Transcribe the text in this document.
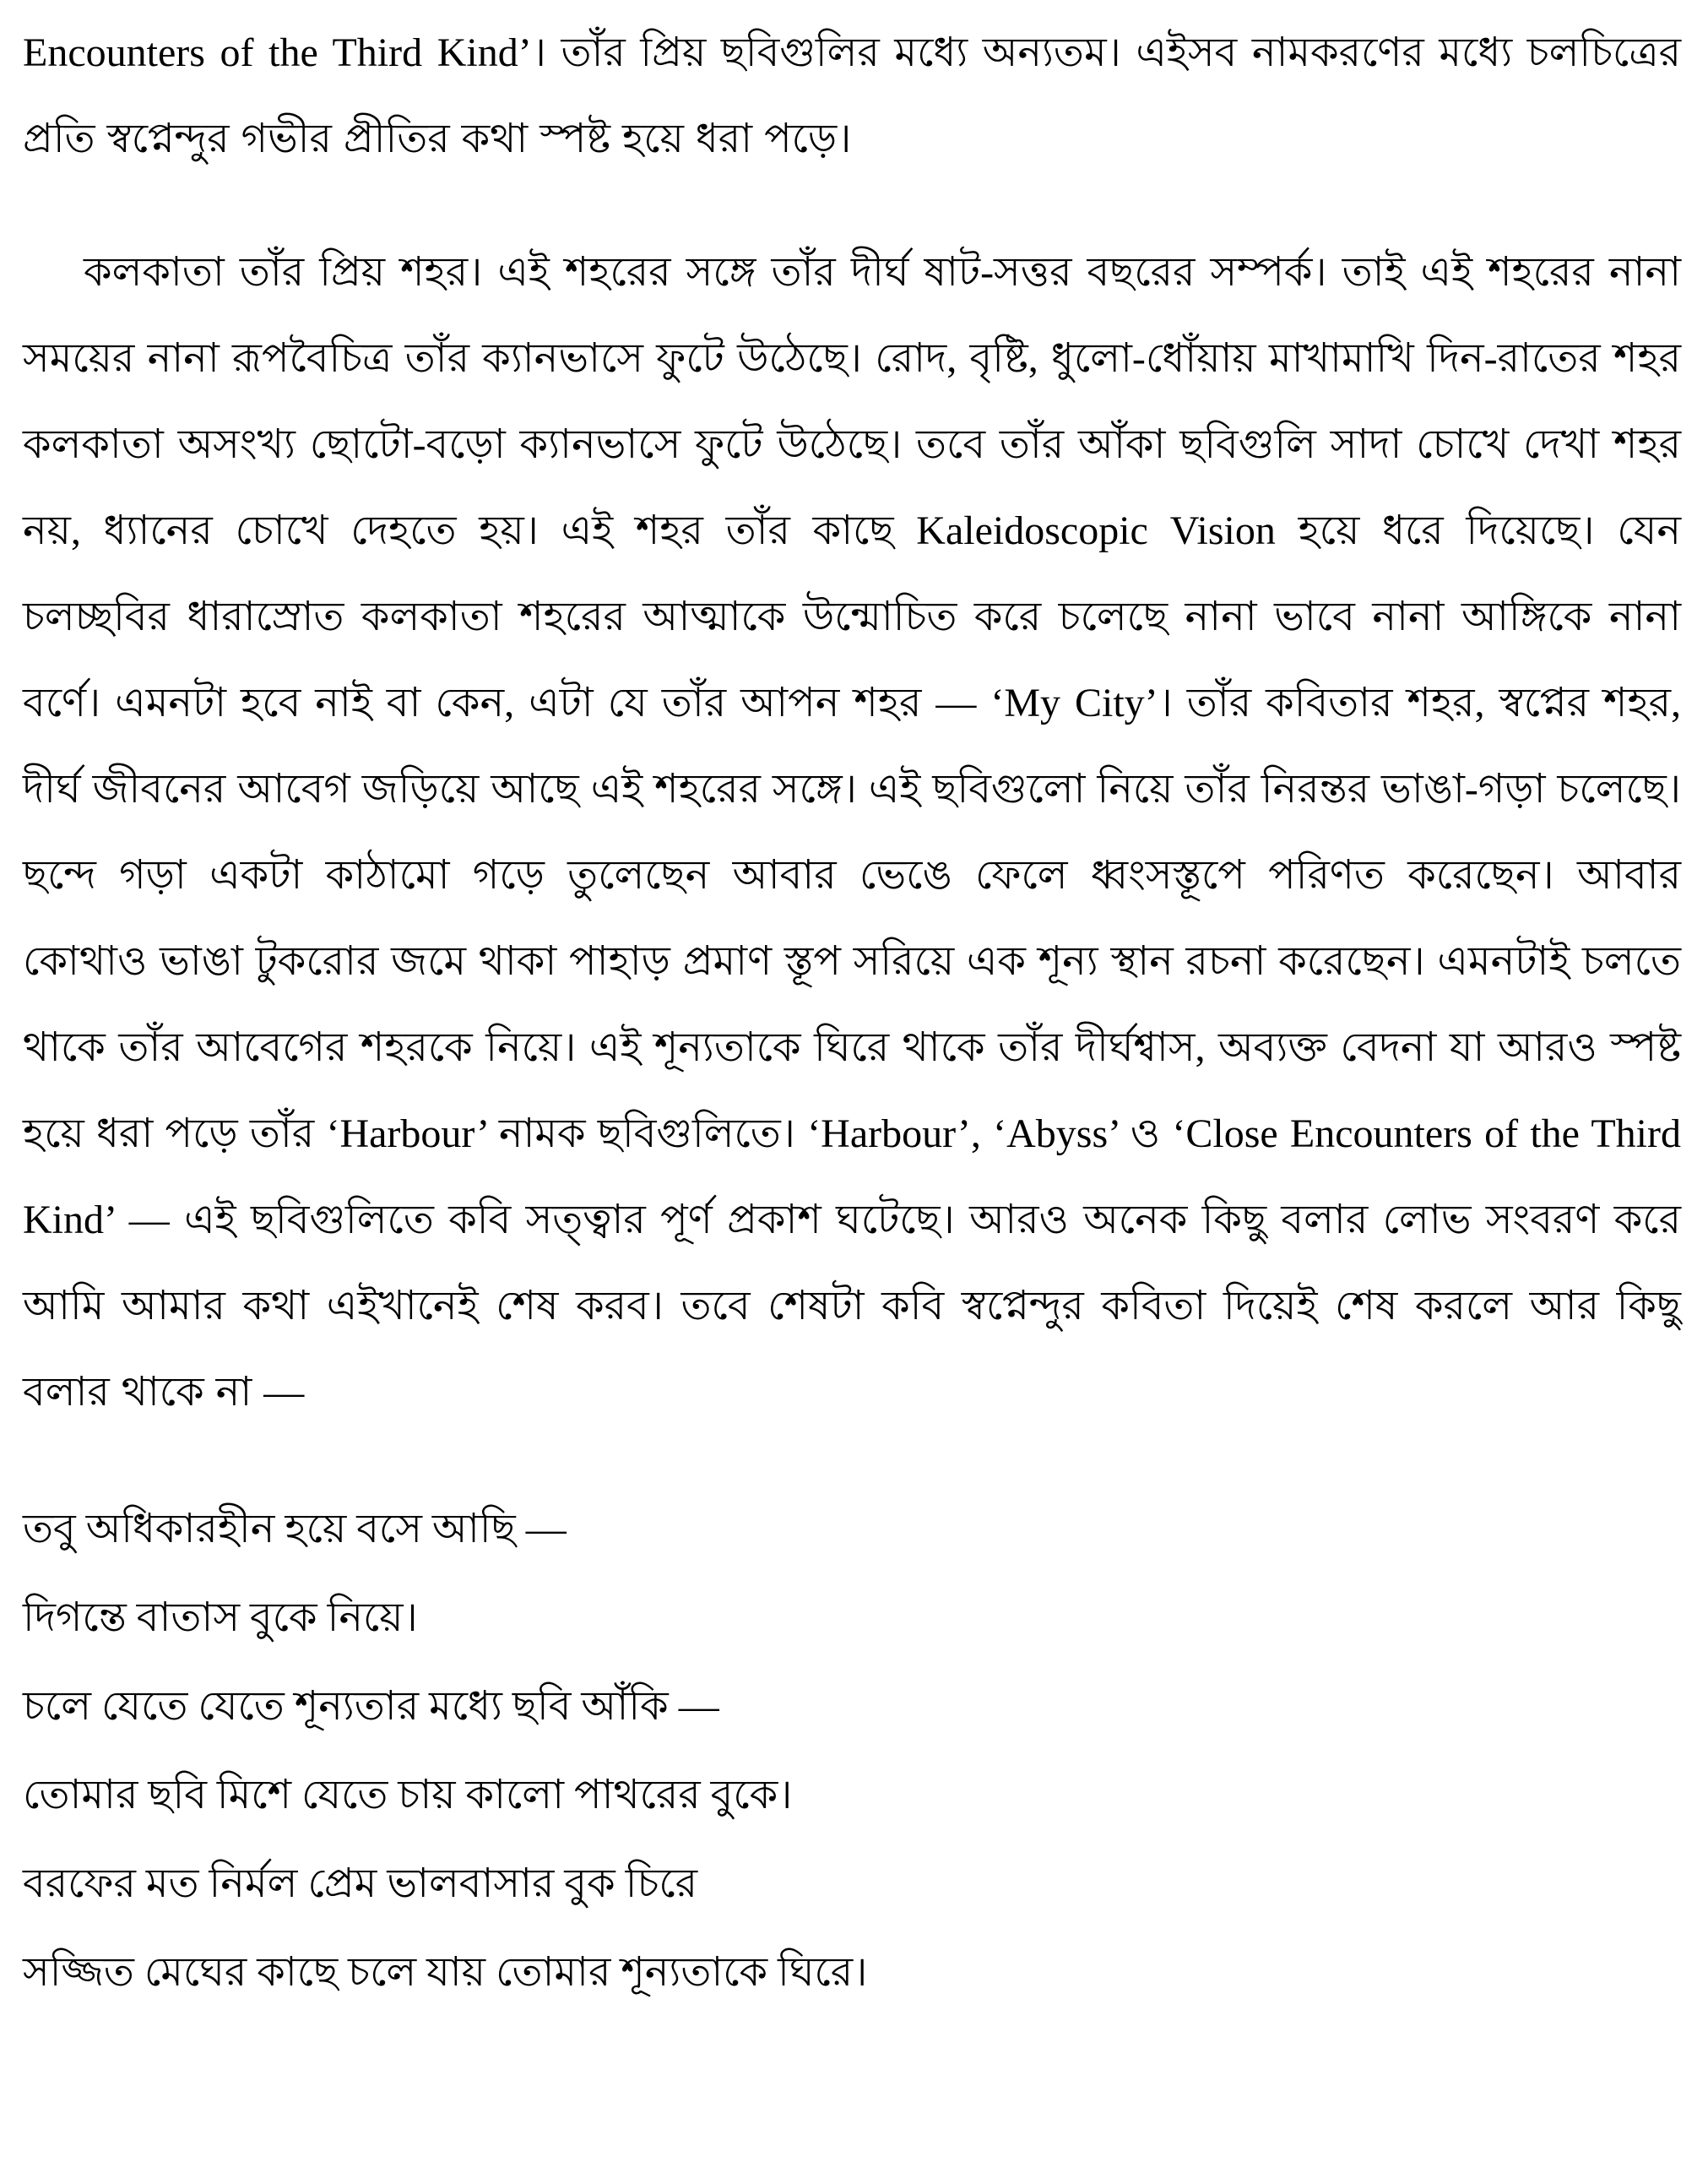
Encounters of the Third Kind’। তাঁর প্রিয় ছবিগুলির মধ্যে অন্যতম। এইসব নামকরণের মধ্যে চলচিত্রের প্রতি স্বপ্নেন্দুর গভীর প্রীতির কথা স্পষ্ট হয়ে ধরা পড়ে।

কলকাতা তাঁর প্রিয় শহর। এই শহরের সঙ্গে তাঁর দীর্ঘ ষাট-সত্তর বছরের সম্পর্ক। তাই এই শহরের নানা সময়ের নানা রূপবৈচিত্র তাঁর ক্যানভাসে ফুটে উঠেছে। রোদ, বৃষ্টি, ধুলো-ধোঁয়ায় মাখামাখি দিন-রাতের শহর কলকাতা অসংখ্য ছোটো-বড়ো ক্যানভাসে ফুটে উঠেছে। তবে তাঁর আঁকা ছবিগুলি সাদা চোখে দেখা শহর নয়, ধ্যানের চোখে দেহতে হয়। এই শহর তাঁর কাছে Kaleidoscopic Vision হয়ে ধরে দিয়েছে। যেন চলচ্ছবির ধারাস্রোত কলকাতা শহরের আত্মাকে উন্মোচিত করে চলেছে নানা ভাবে নানা আঙ্গিকে নানা বর্ণে। এমনটা হবে নাই বা কেন, এটা যে তাঁর আপন শহর — ‘My City’। তাঁর কবিতার শহর, স্বপ্নের শহর, দীর্ঘ জীবনের আবেগ জড়িয়ে আছে এই শহরের সঙ্গে। এই ছবিগুলো নিয়ে তাঁর নিরন্তর ভাঙা-গড়া চলেছে। ছন্দে গড়া একটা কাঠামো গড়ে তুলেছেন আবার ভেঙে ফেলে ধ্বংসস্তূপে পরিণত করেছেন। আবার কোথাও ভাঙা টুকরোর জমে থাকা পাহাড় প্রমাণ স্তূপ সরিয়ে এক শূন্য স্থান রচনা করেছেন। এমনটাই চলতে থাকে তাঁর আবেগের শহরকে নিয়ে। এই শূন্যতাকে ঘিরে থাকে তাঁর দীর্ঘশ্বাস, অব্যক্ত বেদনা যা আরও স্পষ্ট হয়ে ধরা পড়ে তাঁর ‘Harbour’ নামক ছবিগুলিতে। ‘Harbour’, ‘Abyss’ ও ‘Close Encounters of the Third Kind’ — এই ছবিগুলিতে কবি সত্ত্বার পূর্ণ প্রকাশ ঘটেছে। আরও অনেক কিছু বলার লোভ সংবরণ করে আমি আমার কথা এইখানেই শেষ করব। তবে শেষটা কবি স্বপ্নেন্দুর কবিতা দিয়েই শেষ করলে আর কিছু বলার থাকে না —

তবু অধিকারহীন হয়ে বসে আছি —

দিগন্তে বাতাস বুকে নিয়ে।

চলে যেতে যেতে শূন্যতার মধ্যে ছবি আঁকি —

তোমার ছবি মিশে যেতে চায় কালো পাথরের বুকে।

বরফের মত নির্মল প্রেম ভালবাসার বুক চিরে

সজ্জিত মেঘের কাছে চলে যায় তোমার শূন্যতাকে ঘিরে।
